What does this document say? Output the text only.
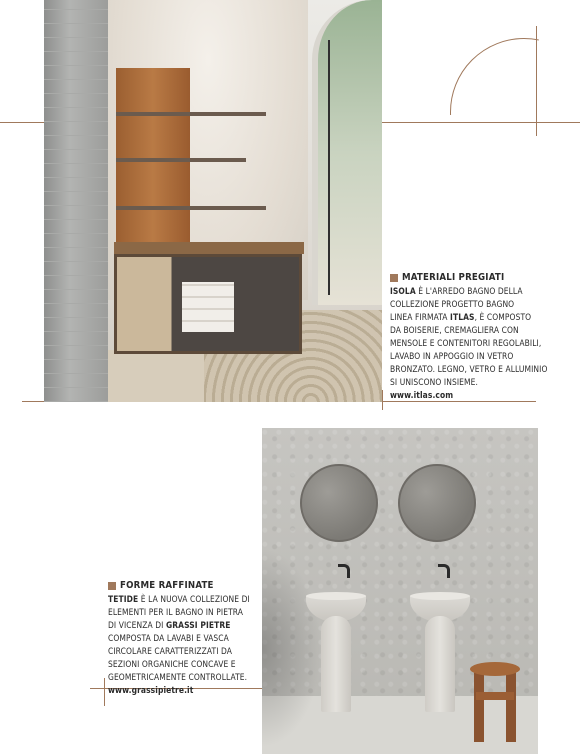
MATERIALI PREGIATI
ISOLA È L'ARREDO BAGNO DELLA
COLLEZIONE PROGETTO BAGNO
LINEA FIRMATA ITLAS, È COMPOSTO
DA BOISERIE, CREMAGLIERA CON
MENSOLE E CONTENITORI REGOLABILI,
LAVABO IN APPOGGIO IN VETRO
BRONZATO. LEGNO, VETRO E ALLUMINIO
SI UNISCONO INSIEME.
www.itlas.com
FORME RAFFINATE
TETIDE È LA NUOVA COLLEZIONE DI
ELEMENTI PER IL BAGNO IN PIETRA
DI VICENZA DI GRASSI PIETRE
COMPOSTA DA LAVABI E VASCA
CIRCOLARE CARATTERIZZATI DA
SEZIONI ORGANICHE CONCAVE E
GEOMETRICAMENTE CONTROLLATE.
www.grassipietre.it
